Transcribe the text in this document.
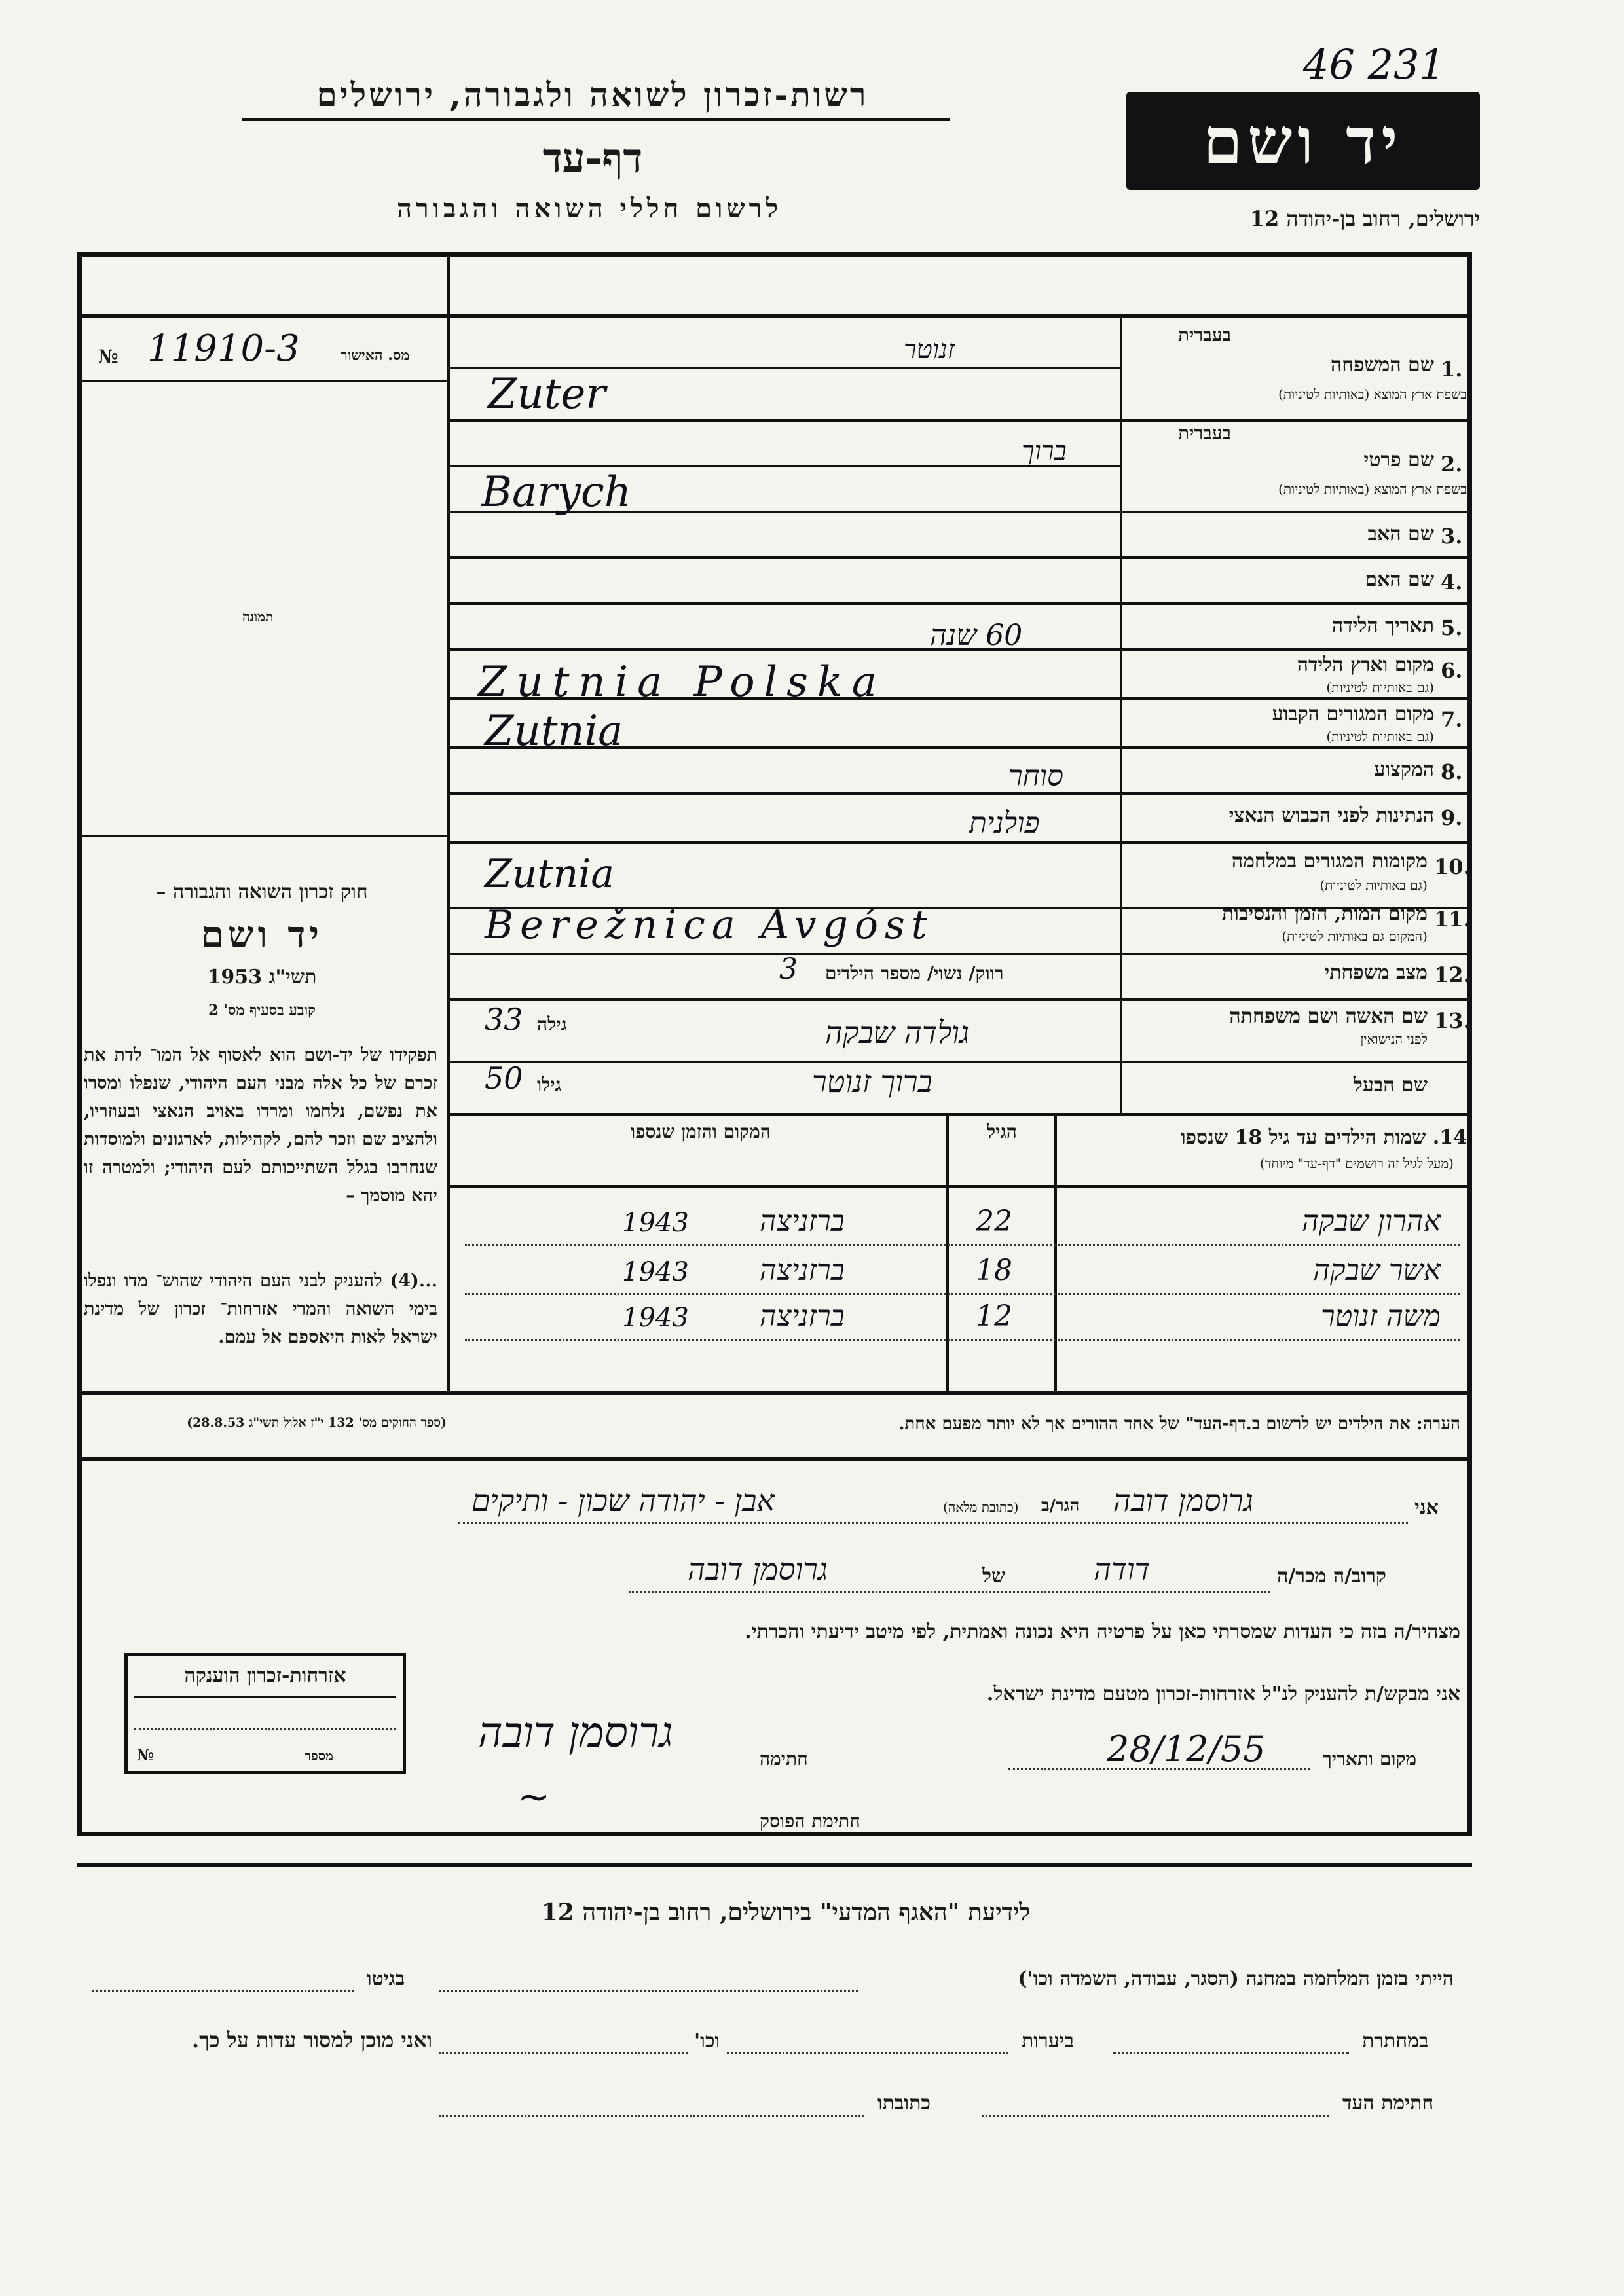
46 231
רשות-זכרון לשואה ולגבורה, ירושלים
דף-עד
לרשום חללי השואה והגבורה
יד ושם
ירושלים, רחוב בן-יהודה 12
מס. האישור
11910-3
№
תמונה
חוק זכרון השואה והגבורה –
יד ושם
תשי"ג 1953
קובע בסעיף מס' 2
תפקידו של יד-ושם הוא לאסוף אל המו־ לדת את זכרם של כל אלה מבני העם היהודי, שנפלו ומסרו את נפשם, נלחמו ומרדו באויב הנאצי ובעוזריו, ולהציב שם וזכר להם, לקהילות, לארגונים ולמוסדות שנחרבו בגלל השתייכותם לעם היהודי; ולמטרה זו יהא מוסמך –
...(4) להעניק לבני העם היהודי שהוש־ מדו ונפלו בימי השואה והמרי אזרחות־ זכרון של מדינת ישראל לאות היאספם אל עמם.
(ספר החוקים מס' 132 י"ז אלול תשי"ג 28.8.53)
בעברית
1.
שם המשפחה
בשפת ארץ המוצא (באותיות לטיניות)
זנוטר
Zuter
בעברית
2.
שם פרטי
בשפת ארץ המוצא (באותיות לטיניות)
ברוך
Barych
3.
שם האב
4.
שם האם
5.
תאריך הלידה
60 שנה
6.
מקום וארץ הלידה
(גם באותיות לטיניות)
Zutnia Polska
7.
מקום המגורים הקבוע
(גם באותיות לטיניות)
Zutnia
8.
המקצוע
סוחר
9.
הנתינות לפני הכבוש הנאצי
פולנית
10.
מקומות המגורים במלחמה
(גם באותיות לטיניות)
Zutnia
11.
מקום המות, הזמן והנסיבות
(המקום גם באותיות לטיניות)
Berežnica Avgóst
12.
מצב משפחתי
רווק/ נשוי/ מספר הילדים
3
13.
שם האשה ושם משפחתה
לפני הנישואין
גולדה שבקה
גילה
33
שם הבעל
ברוך זנוטר
גילו
50
14. שמות הילדים עד גיל 18 שנספו
(מעל לגיל זה רושמים "דף-עד" מיוחד)
הגיל
המקום והזמן שנספו
אהרון שבקה
22
ברזניצה
1943
אשר שבקה
18
ברזניצה
1943
משה זנוטר
12
ברזניצה
1943
הערה: את הילדים יש לרשום ב.דף-העד" של אחד ההורים אך לא יותר מפעם אחת.
אני
גרוסמן דובה
הגר/ב
(כתובת מלאה)
אבן - יהודה שכון - ותיקים
קרוב/ה מכר/ה
דודה
של
גרוסמן דובה
מצהיר/ה בזה כי העדות שמסרתי כאן על פרטיה היא נכונה ואמתית, לפי מיטב ידיעתי והכרתי.
אני מבקש/ת להעניק לנ"ל אזרחות-זכרון מטעם מדינת ישראל.
מקום ותאריך
28/12/55
חתימה
גרוסמן דובה
חתימת הפוסק
~
אזרחות-זכרון הוענקה
מספר
№
לידיעת "האגף המדעי" בירושלים, רחוב בן-יהודה 12
הייתי בזמן המלחמה במחנה (הסגר, עבודה, השמדה וכו')
בגיטו
במחתרת
ביערות
וכו'
ואני מוכן למסור עדות על כך.
חתימת העד
כתובתו
